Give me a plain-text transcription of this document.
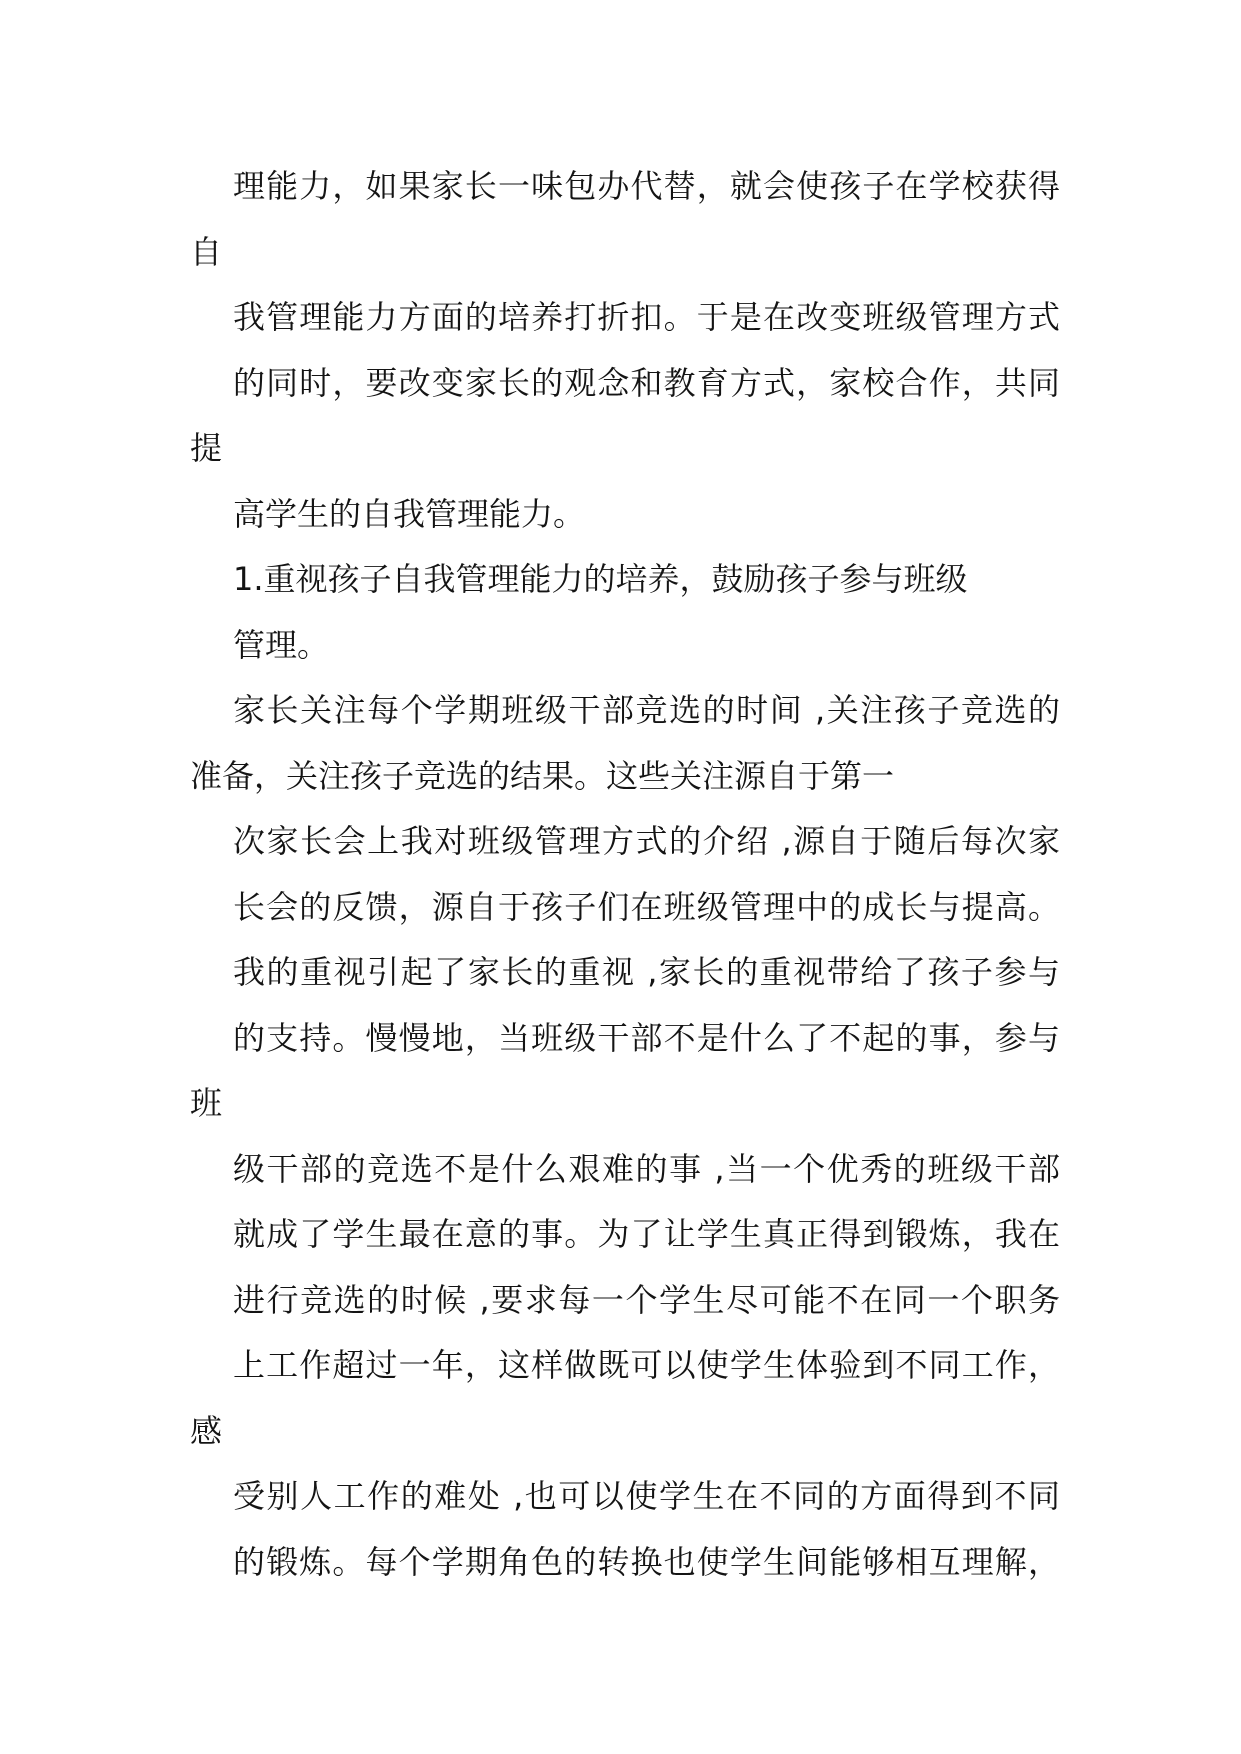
理能力，如果家长一味包办代替，就会使孩子在学校获得
自
我管理能力方面的培养打折扣。于是在改变班级管理方式
的同时，要改变家长的观念和教育方式，家校合作，共同
提
高学生的自我管理能力。
1.重视孩子自我管理能力的培养，鼓励孩子参与班级
管理。
家长关注每个学期班级干部竞选的时间 ,关注孩子竞选的
准备，关注孩子竞选的结果。这些关注源自于第一
次家长会上我对班级管理方式的介绍 ,源自于随后每次家
长会的反馈，源自于孩子们在班级管理中的成长与提高。
我的重视引起了家长的重视 ,家长的重视带给了孩子参与
的支持。慢慢地，当班级干部不是什么了不起的事，参与
班
级干部的竞选不是什么艰难的事 ,当一个优秀的班级干部
就成了学生最在意的事。为了让学生真正得到锻炼，我在
进行竞选的时候 ,要求每一个学生尽可能不在同一个职务
上工作超过一年，这样做既可以使学生体验到不同工作，
感
受别人工作的难处 ,也可以使学生在不同的方面得到不同
的锻炼。每个学期角色的转换也使学生间能够相互理解，
